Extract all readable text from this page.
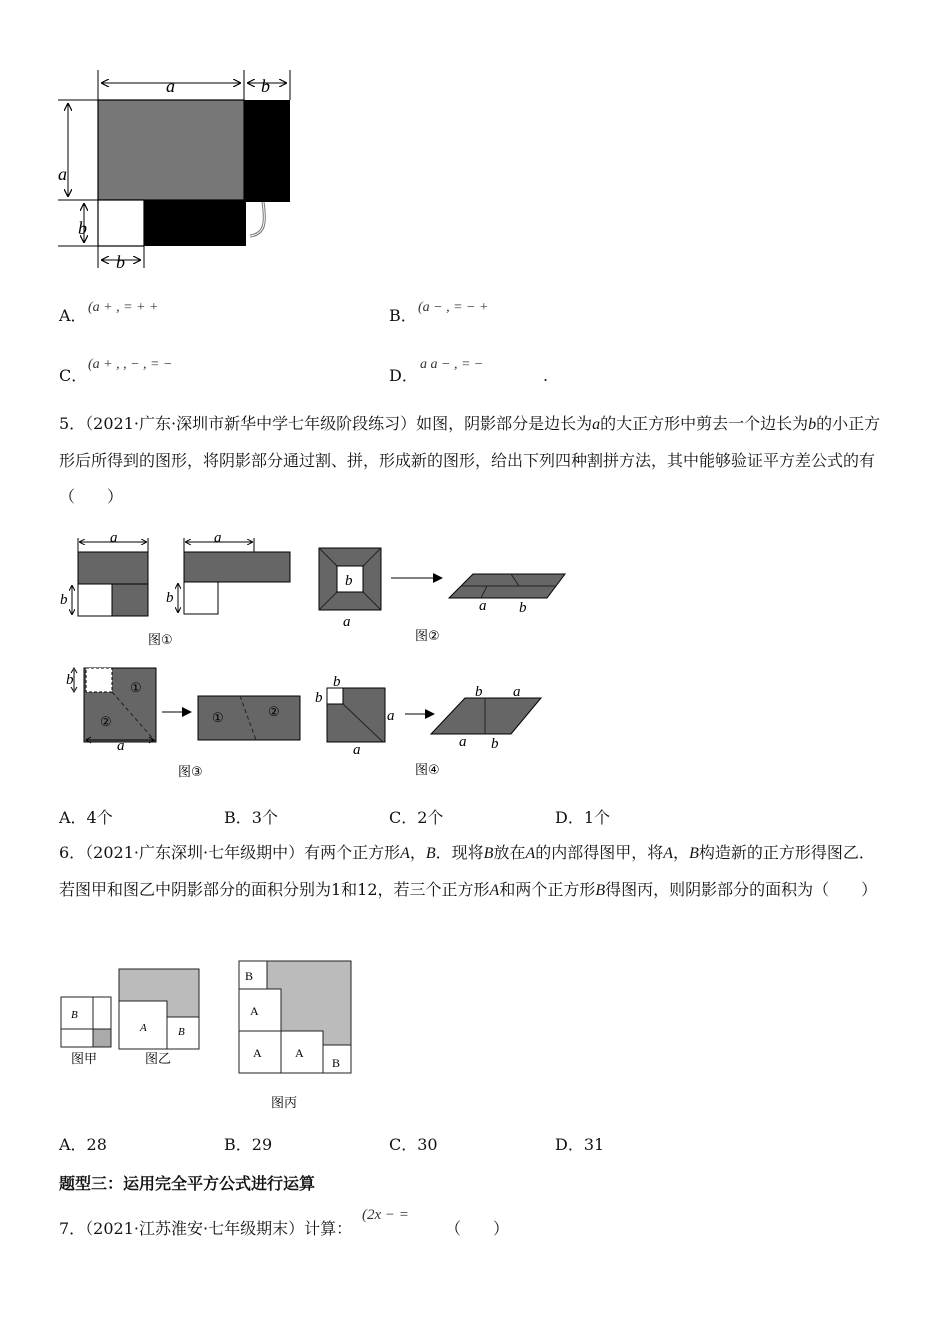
a	b
a
b
b
A． (a + , = + +	B． (a − , = − +
C．
(a + , , − , = −
D．
a a − , = −
.
5．（2021·广东·深圳市新华中学七年级阶段练习）如图，阴影部分是边长为a的大正方形中剪去一个边长为b的小正方形后所得到的图形，将阴影部分通过割、拼，形成新的图形，给出下列四种割拼方法，其中能够验证平方差公式的有（　　）
a
b
a
b
图①
b
a
a b
图②
b	①
②
a
①	②
图③
b
b
a
a
b a
a b
图④
A．4个	B．3个	C．2个	D．1个
6．（2021·广东深圳·七年级期中）有两个正方形A，B．现将B放在A的内部得图甲，将A，B构造新的正方形得图乙．若图甲和图乙中阴影部分的面积分别为1和12，若三个正方形A和两个正方形B得图丙，则阴影部分的面积为（　　）
B
图甲
A	B
图乙
B
A
A	A
B
图丙
A．28	B．29	C．30	D．31
题型三：运用完全平方公式进行运算
7．（2021·江苏淮安·七年级期末）计算：
(2x − =
（　　）
